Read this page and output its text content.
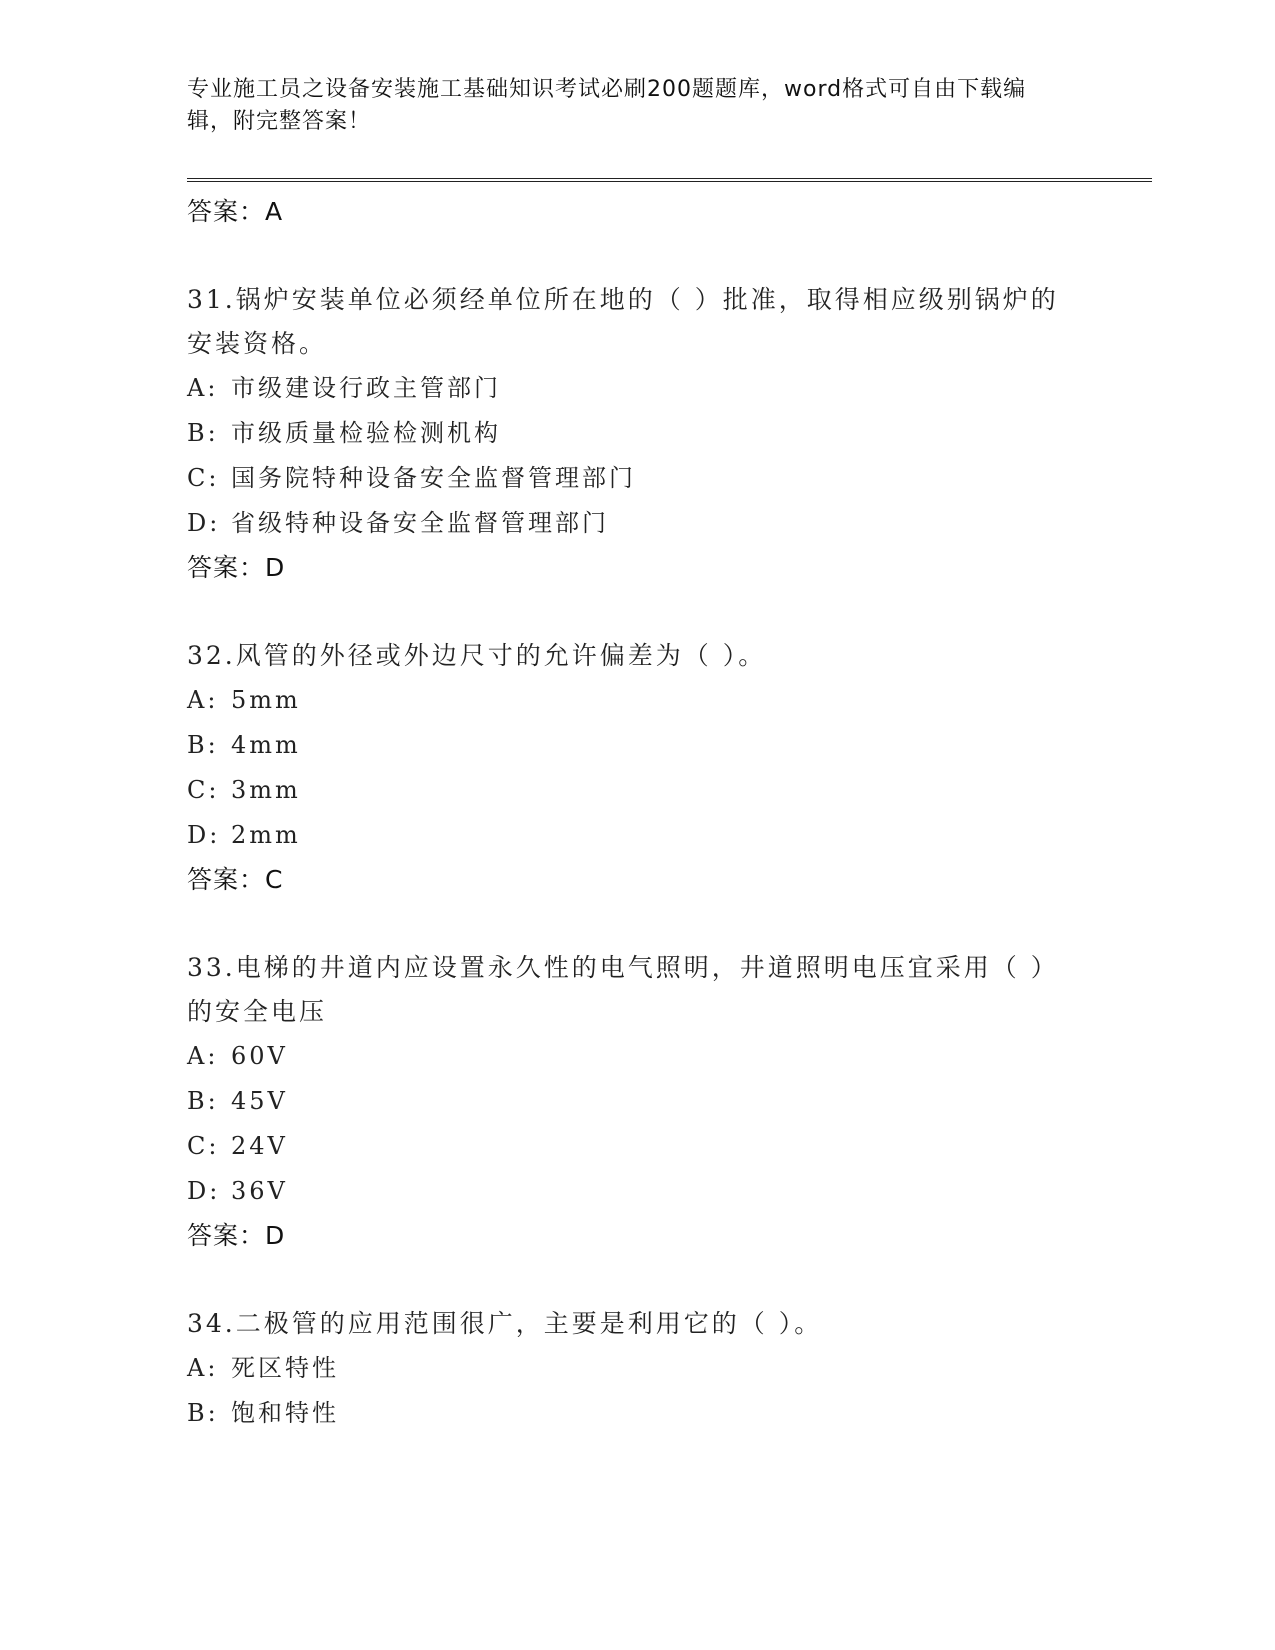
专业施工员之设备安装施工基础知识考试必刷200题题库，word格式可自由下载编辑，附完整答案！

答案：A

31.锅炉安装单位必须经单位所在地的（ ）批准，取得相应级别锅炉的安装资格。

A: 市级建设行政主管部门

B: 市级质量检验检测机构

C: 国务院特种设备安全监督管理部门

D: 省级特种设备安全监督管理部门

答案：D

32.风管的外径或外边尺寸的允许偏差为（ ）。

A: 5mm

B: 4mm

C: 3mm

D: 2mm

答案：C

33.电梯的井道内应设置永久性的电气照明，井道照明电压宜采用（ ）的安全电压

A: 60V

B: 45V

C: 24V

D: 36V

答案：D

34.二极管的应用范围很广，主要是利用它的（ ）。

A: 死区特性

B: 饱和特性
